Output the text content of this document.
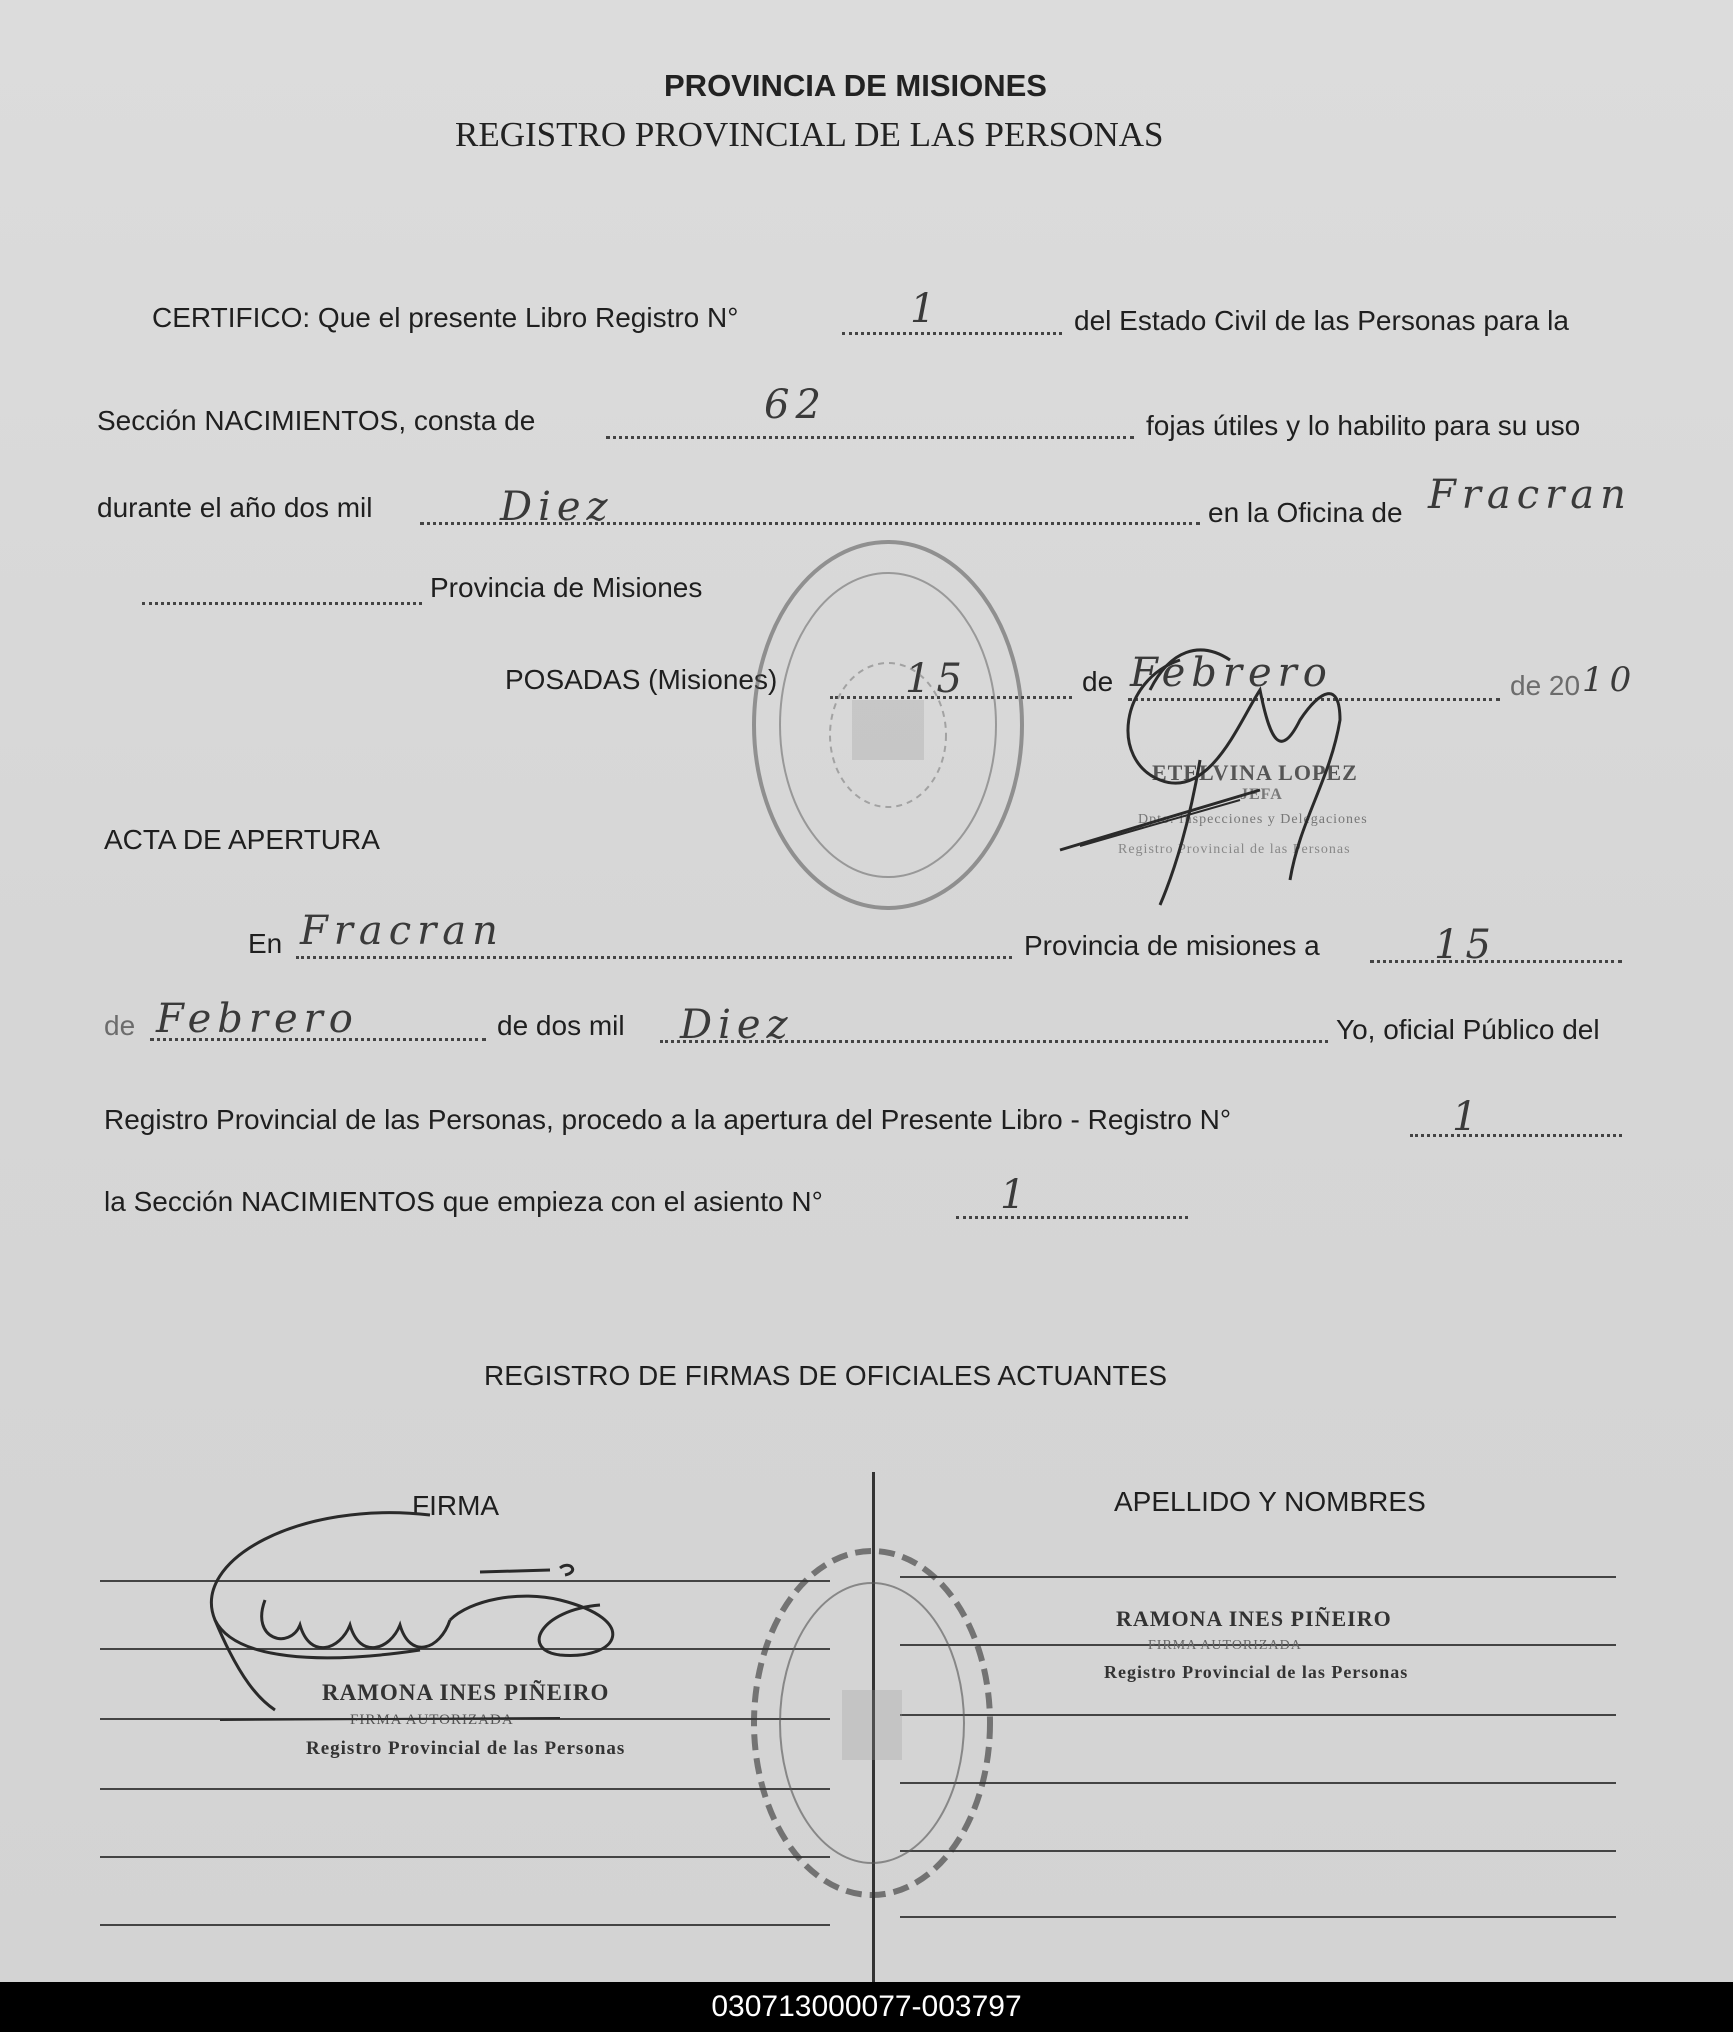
PROVINCIA DE MISIONES
REGISTRO PROVINCIAL DE LAS PERSONAS
CERTIFICO: Que el presente Libro Registro N°	1	del Estado Civil de las Personas para la
Sección NACIMIENTOS, consta de	62	fojas útiles y lo habilito para su uso
durante el año dos mil	Diez	en la Oficina de Fracran
Provincia de Misiones
POSADAS (Misiones)	15	de Febrero	de 20 10
ETELVINA LOPEZ
JEFA
Dpto. Inspecciones y Delegaciones
Registro Provincial de las Personas
ACTA DE APERTURA
En Fracran	Provincia de misiones a	15
de Febrero	de dos mil Diez	Yo, oficial Público del
Registro Provincial de las Personas, procedo a la apertura del Presente Libro - Registro N°	1
la Sección NACIMIENTOS que empieza con el asiento N°	1
REGISTRO DE FIRMAS DE OFICIALES ACTUANTES
FIRMA	APELLIDO Y NOMBRES
RAMONA INES PIÑEIRO
FIRMA AUTORIZADA
Registro Provincial de las Personas
RAMONA INES PIÑEIRO
FIRMA AUTORIZADA
Registro Provincial de las Personas
030713000077-003797
